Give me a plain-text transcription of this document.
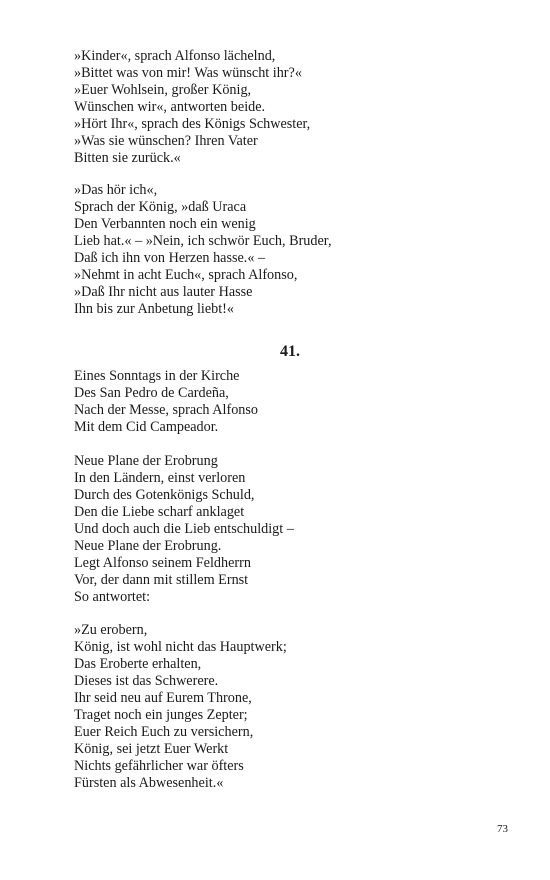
»Kinder«, sprach Alfonso lächelnd,
»Bittet was von mir! Was wünscht ihr?«
»Euer Wohlsein, großer König,
Wünschen wir«, antworten beide.
»Hört Ihr«, sprach des Königs Schwester,
»Was sie wünschen? Ihren Vater
Bitten sie zurück.«
»Das hör ich«,
Sprach der König, »daß Uraca
Den Verbannten noch ein wenig
Lieb hat.« – »Nein, ich schwör Euch, Bruder,
Daß ich ihn von Herzen hasse.« –
»Nehmt in acht Euch«, sprach Alfonso,
»Daß Ihr nicht aus lauter Hasse
Ihn bis zur Anbetung liebt!«
41.
Eines Sonntags in der Kirche
Des San Pedro de Cardeña,
Nach der Messe, sprach Alfonso
Mit dem Cid Campeador.
Neue Plane der Erobrung
In den Ländern, einst verloren
Durch des Gotenkönigs Schuld,
Den die Liebe scharf anklaget
Und doch auch die Lieb entschuldigt –
Neue Plane der Erobrung.
Legt Alfonso seinem Feldherrn
Vor, der dann mit stillem Ernst
So antwortet:
»Zu erobern,
König, ist wohl nicht das Hauptwerk;
Das Eroberte erhalten,
Dieses ist das Schwerere.
Ihr seid neu auf Eurem Throne,
Traget noch ein junges Zepter;
Euer Reich Euch zu versichern,
König, sei jetzt Euer Werkt
Nichts gefährlicher war öfters
Fürsten als Abwesenheit.«
73
